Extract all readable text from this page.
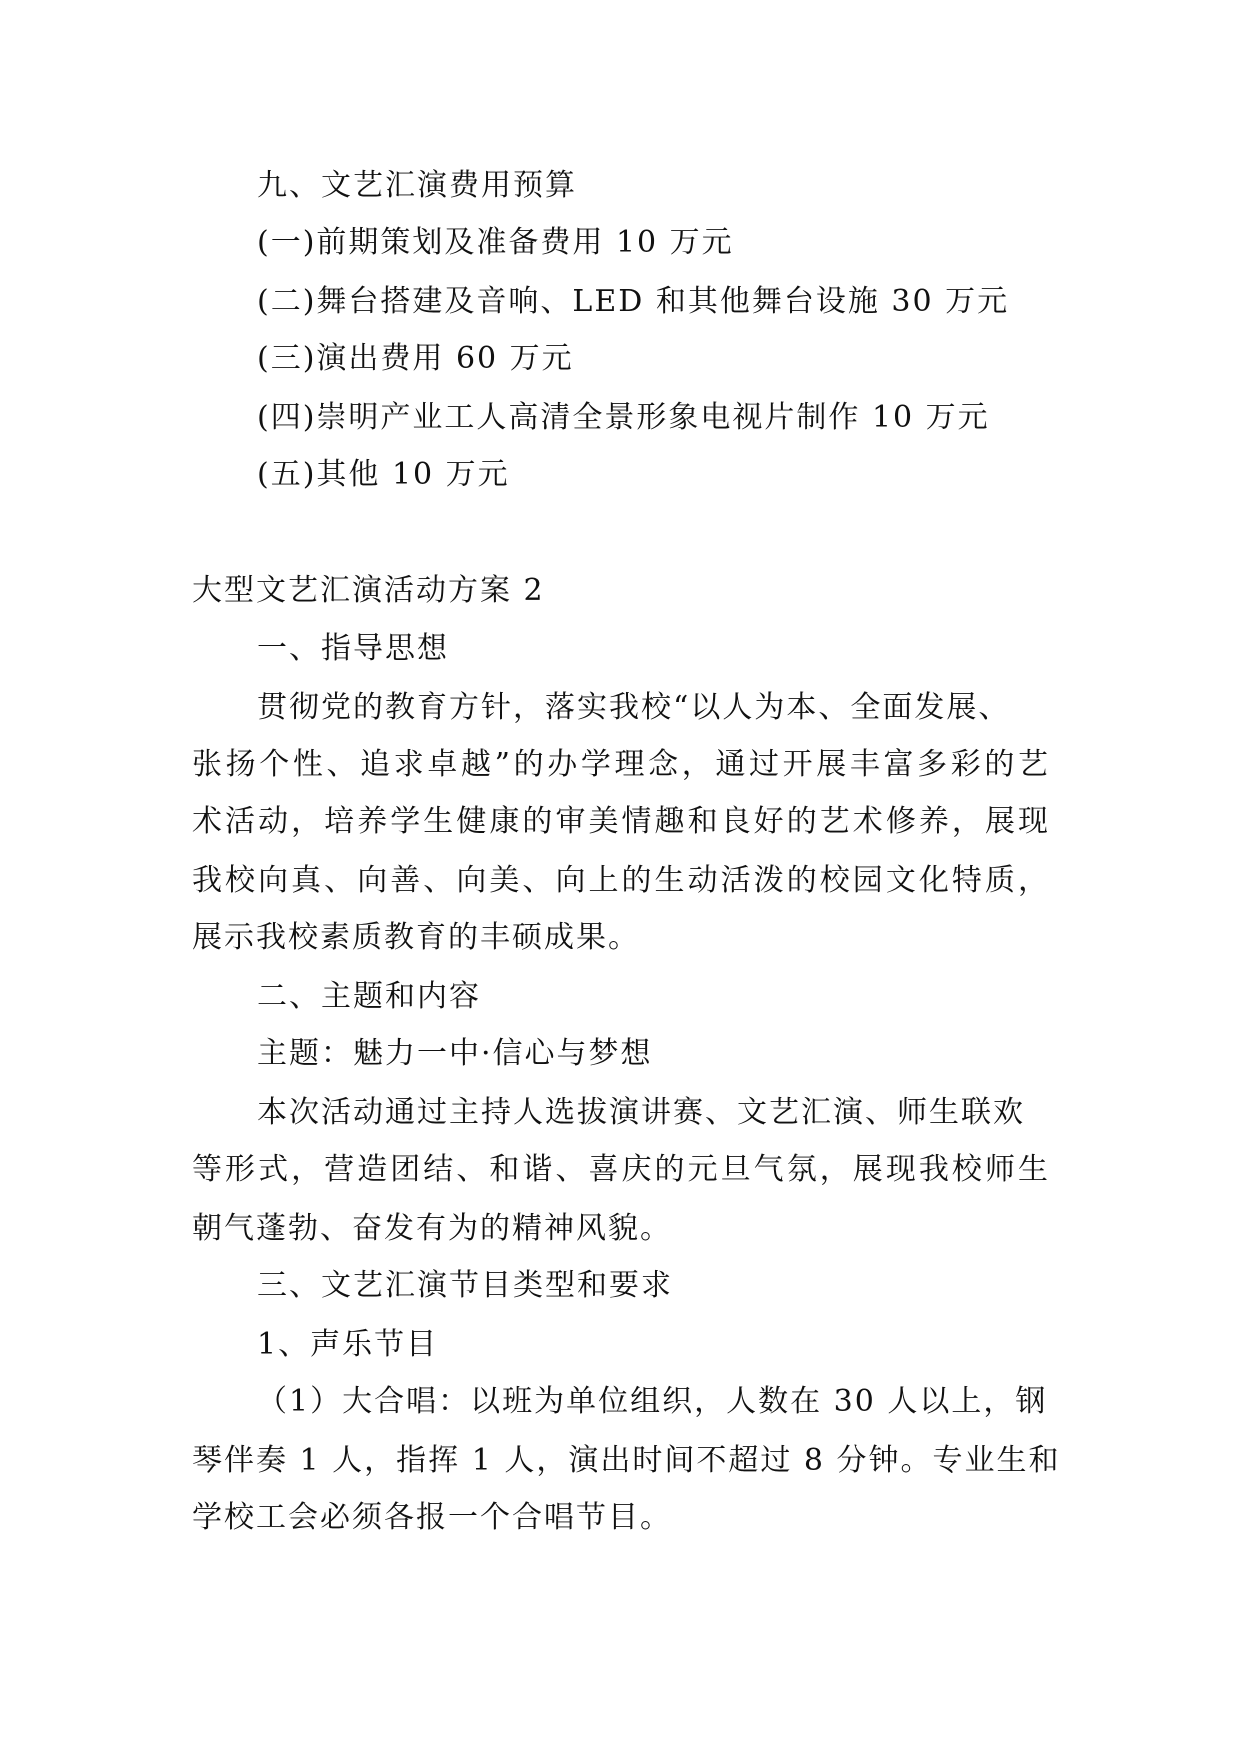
九、文艺汇演费用预算
(一)前期策划及准备费用 10 万元
(二)舞台搭建及音响、LED 和其他舞台设施 30 万元
(三)演出费用 60 万元
(四)崇明产业工人高清全景形象电视片制作 10 万元
(五)其他 10 万元
大型文艺汇演活动方案 2
一、指导思想
贯彻党的教育方针，落实我校“以人为本、全面发展、
张扬个性、追求卓越”的办学理念，通过开展丰富多彩的艺
术活动，培养学生健康的审美情趣和良好的艺术修养，展现
我校向真、向善、向美、向上的生动活泼的校园文化特质，
展示我校素质教育的丰硕成果。
二、主题和内容
主题：魅力一中·信心与梦想
本次活动通过主持人选拔演讲赛、文艺汇演、师生联欢
等形式，营造团结、和谐、喜庆的元旦气氛，展现我校师生
朝气蓬勃、奋发有为的精神风貌。
三、文艺汇演节目类型和要求
1、声乐节目
（1）大合唱：以班为单位组织，人数在 30 人以上，钢
琴伴奏 1 人，指挥 1 人，演出时间不超过 8 分钟。专业生和
学校工会必须各报一个合唱节目。
